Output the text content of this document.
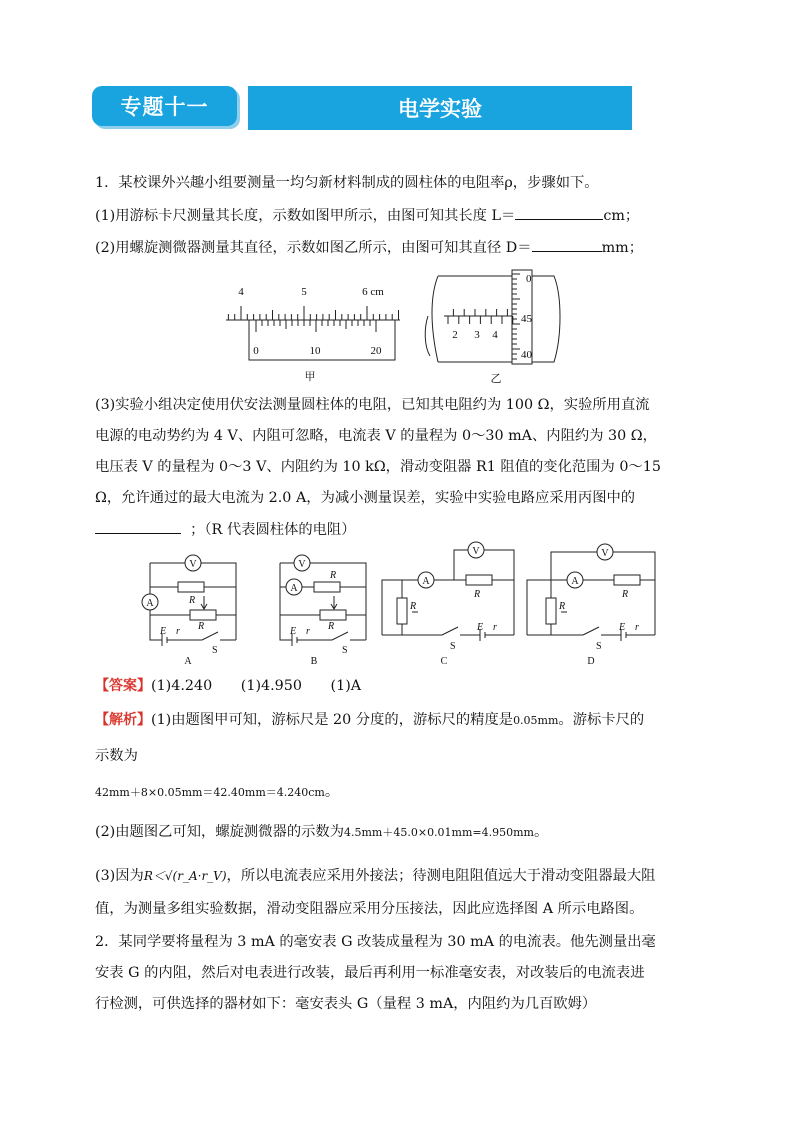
专题十一	电学实验
1．某校课外兴趣小组要测量一均匀新材料制成的圆柱体的电阻率ρ，步骤如下。
(1)用游标卡尺测量其长度，示数如图甲所示，由图可知其长度 L＝	cm；
(2)用螺旋测微器测量其直径，示数如图乙所示，由图可知其直径 D＝	mm；
4	5	6 cm
0	10	20
甲
2 3 4
0
45
40
乙
(3)实验小组决定使用伏安法测量圆柱体的电阻，已知其电阻约为 100 Ω，实验所用直流
电源的电动势约为 4 V、内阻可忽略，电流表 V 的量程为 0～30 mA、内阻约为 30 Ω，
电压表 V 的量程为 0～3 V、内阻约为 10 kΩ，滑动变阻器 R1 阻值的变化范围为 0～15
Ω，允许通过的最大电流为 2.0 A，为减小测量误差，实验中实验电路应采用丙图中的
；（R 代表圆柱体的电阻）
V
A	R
R
E r
S
A
V
A
R
R
E r
S
B
V
A
R
R
E r
S
C
V
A
R
R
E r
S
D
【答案】(1)4.240　　(1)4.950　　(1)A
【解析】(1)由题图甲可知，游标尺是 20 分度的，游标尺的精度是0.05mm。游标卡尺的
示数为
42mm＋8×0.05mm＝42.40mm＝4.240cm。
(2)由题图乙可知，螺旋测微器的示数为4.5mm＋45.0×0.01mm=4.950mm。
(3)因为R＜√(r_A·r_V)，所以电流表应采用外接法；待测电阻阻值远大于滑动变阻器最大阻
值，为测量多组实验数据，滑动变阻器应采用分压接法，因此应选择图 A 所示电路图。
2．某同学要将量程为 3 mA 的毫安表 G 改装成量程为 30 mA 的电流表。他先测量出毫
安表 G 的内阻，然后对电表进行改装，最后再利用一标准毫安表，对改装后的电流表进
行检测，可供选择的器材如下：毫安表头 G（量程 3 mA，内阻约为几百欧姆）
